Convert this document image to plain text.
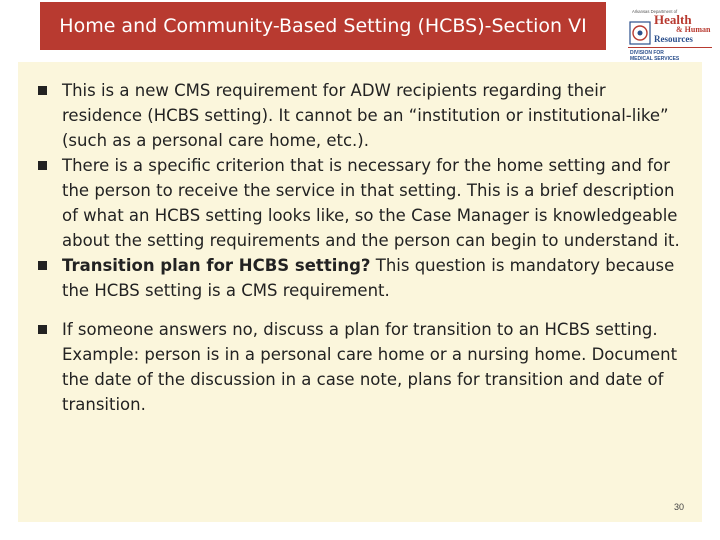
Home and Community-Based Setting (HCBS)-Section VI
Arkansas Department of
Health
& Human
Resources
DIVISION FOR
MEDICAL SERVICES
This is a new CMS requirement for ADW recipients regarding their residence (HCBS setting). It cannot be an “institution or institutional-like” (such as a personal care home, etc.).
There is a specific criterion that is necessary for the home setting and for the person to receive the service in that setting. This is a brief description of what an HCBS setting looks like, so the Case Manager is knowledgeable about the setting requirements and the person can begin to understand it.
Transition plan for HCBS setting? This question is mandatory because the HCBS setting is a CMS requirement.
If someone answers no, discuss a plan for transition to an HCBS setting. Example: person is in a personal care home or a nursing home. Document the date of the discussion in a case note, plans for transition and date of transition.
30
